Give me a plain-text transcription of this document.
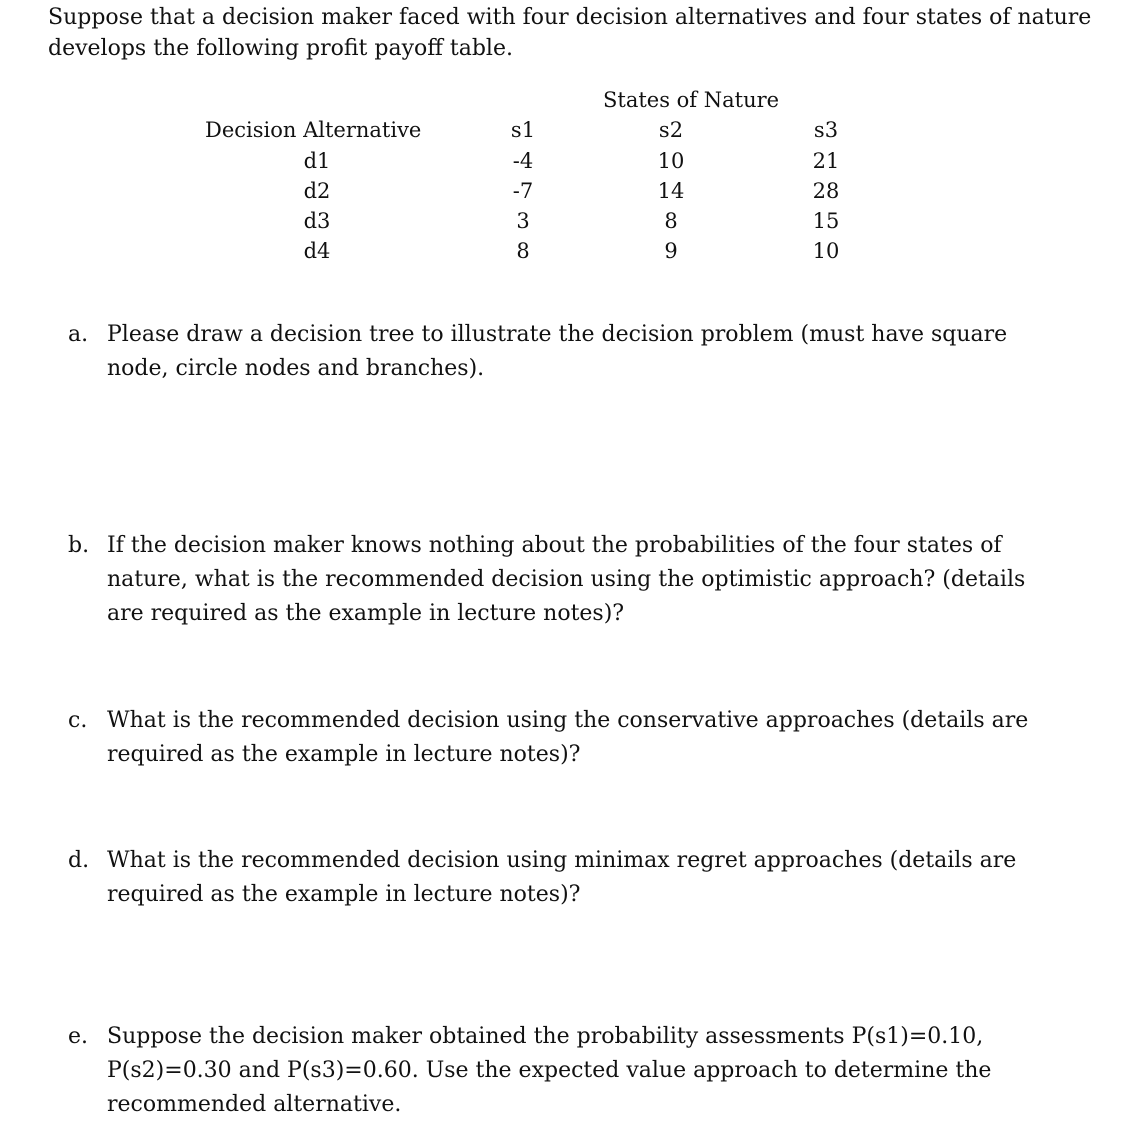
Suppose that a decision maker faced with four decision alternatives and four states of nature develops the following profit payoff table.

States of Nature
Decision Alternative	s1	s2	s3
d1	-4	10	21
d2	-7	14	28
d3	3	8	15
d4	8	9	10
a. Please draw a decision tree to illustrate the decision problem (must have square node, circle nodes and branches).
b. If the decision maker knows nothing about the probabilities of the four states of nature, what is the recommended decision using the optimistic approach? (details are required as the example in lecture notes)?
c. What is the recommended decision using the conservative approaches (details are required as the example in lecture notes)?
d. What is the recommended decision using minimax regret approaches (details are required as the example in lecture notes)?
e. Suppose the decision maker obtained the probability assessments P(s1)=0.10, P(s2)=0.30 and P(s3)=0.60. Use the expected value approach to determine the recommended alternative.
